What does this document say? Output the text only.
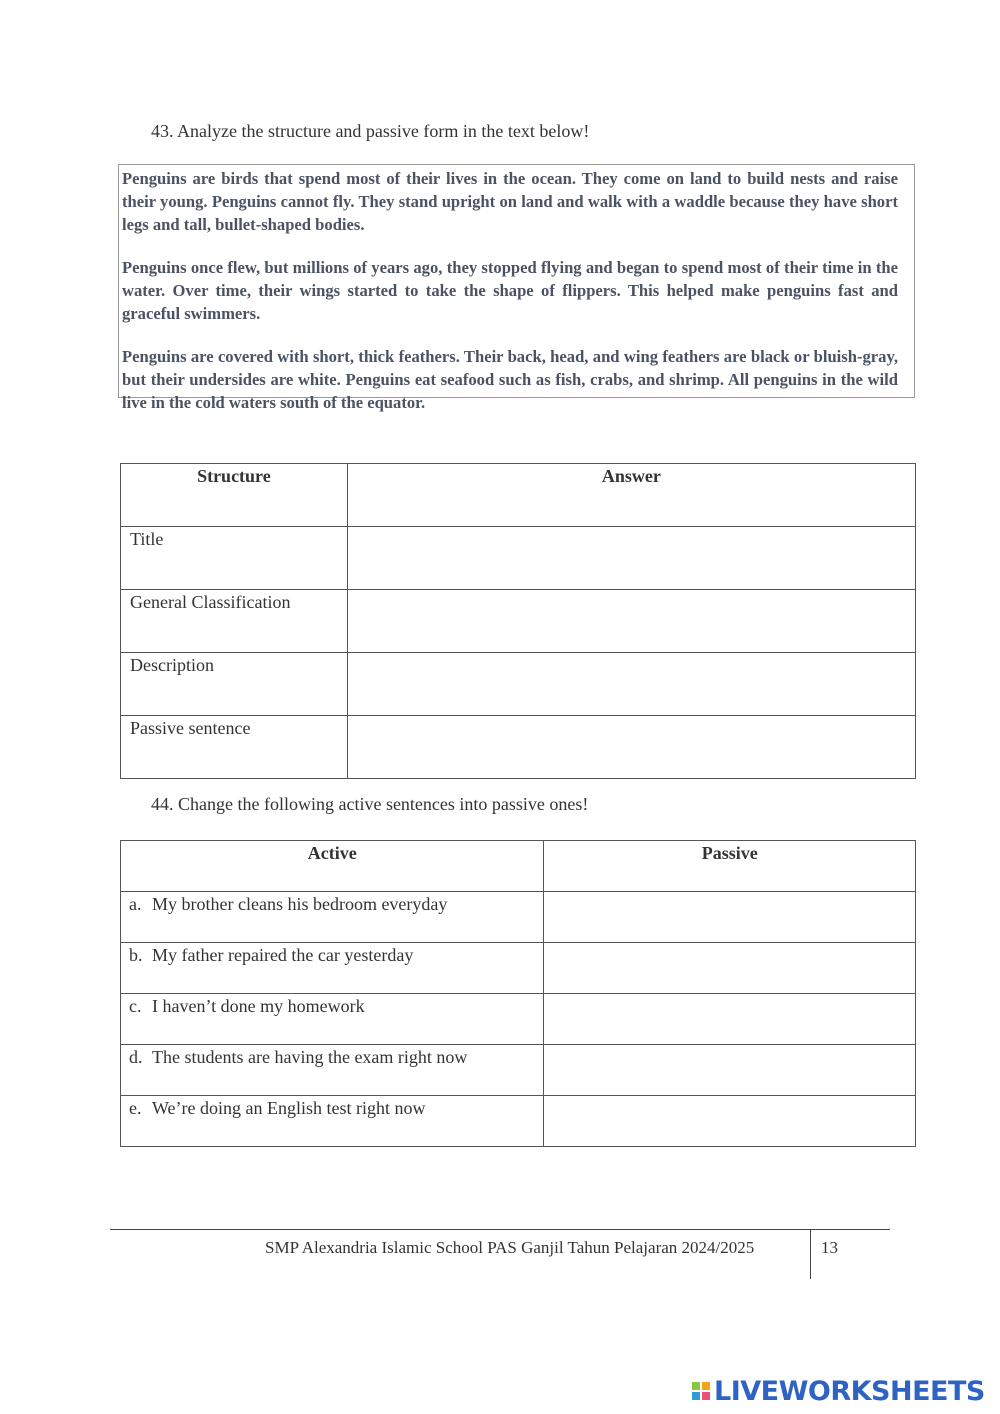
43. Analyze the structure and passive form in the text below!

Penguins are birds that spend most of their lives in the ocean. They come on land to build nests and raise their young. Penguins cannot fly. They stand upright on land and walk with a waddle because they have short legs and tall, bullet-shaped bodies.

Penguins once flew, but millions of years ago, they stopped flying and began to spend most of their time in the water. Over time, their wings started to take the shape of flippers. This helped make penguins fast and graceful swimmers.

Penguins are covered with short, thick feathers. Their back, head, and wing feathers are black or bluish-gray, but their undersides are white. Penguins eat seafood such as fish, crabs, and shrimp. All penguins in the wild live in the cold waters south of the equator.

Structure	Answer
Title	
General Classification	
Description	
Passive sentence	
44. Change the following active sentences into passive ones!
Active	Passive
a. My brother cleans his bedroom everyday	
b. My father repaired the car yesterday	
c. I haven’t done my homework	
d. The students are having the exam right now	
e. We’re doing an English test right now	
SMP Alexandria Islamic School PAS Ganjil Tahun Pelajaran 2024/2025	13
LIVEWORKSHEETS
